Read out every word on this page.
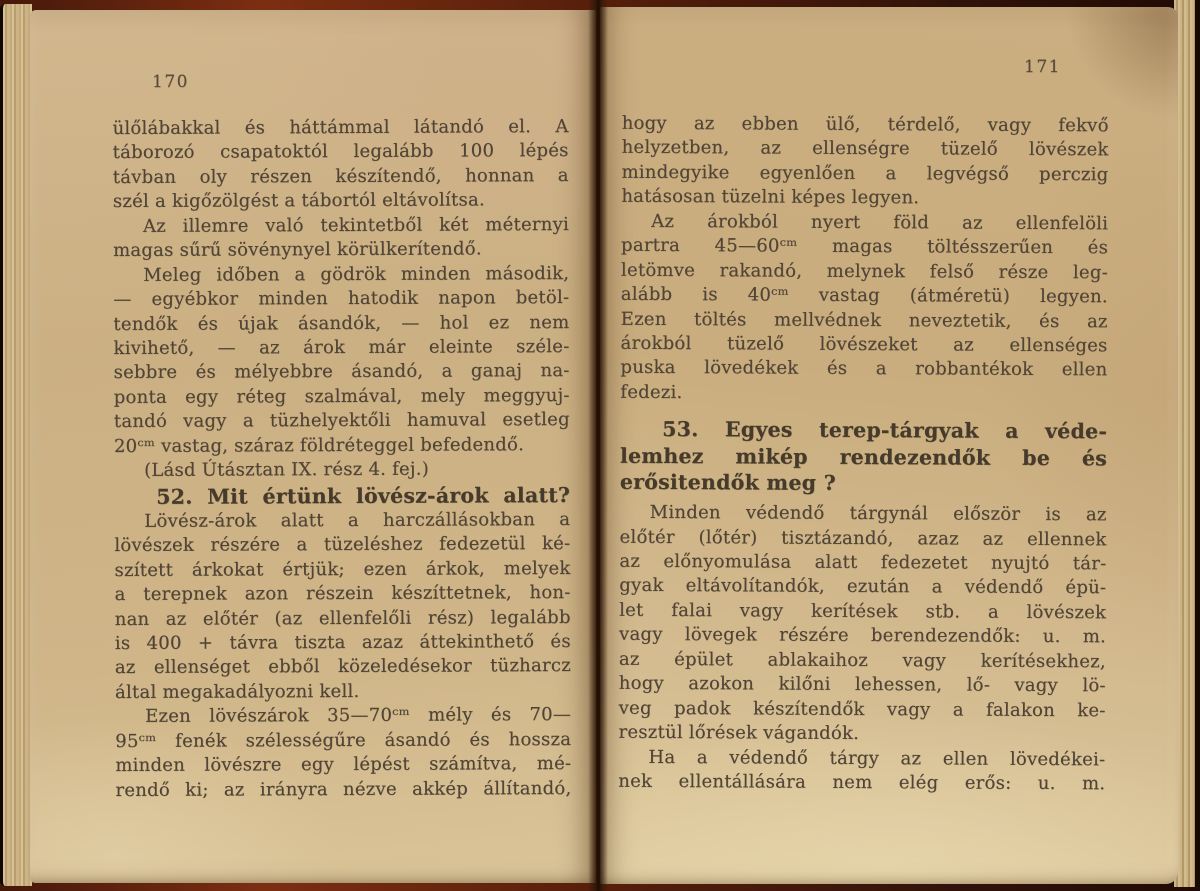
170
ülőlábakkal és háttámmal látandó el. A
táborozó csapatoktól legalább 100 lépés
távban oly részen készítendő, honnan a
szél a kigőzölgést a tábortól eltávolítsa.
Az illemre való tekintetből két méternyi
magas sűrű sövénynyel körülkerítendő.
Meleg időben a gödrök minden második,
— egyébkor minden hatodik napon betöl-
tendők és újak ásandók, — hol ez nem
kivihető, — az árok már eleinte széle-
sebbre és mélyebbre ásandó, a ganaj na-
ponta egy réteg szalmával, mely meggyuj-
tandó vagy a tüzhelyektőli hamuval esetleg
20ᶜᵐ vastag, száraz földréteggel befedendő.
(Lásd Útásztan IX. rész 4. fej.)
52. Mit értünk lövész-árok alatt?
Lövész-árok alatt a harczállásokban a
lövészek részére a tüzeléshez fedezetül ké-
szített árkokat értjük; ezen árkok, melyek
a terepnek azon részein készíttetnek, hon-
nan az előtér (az ellenfelőli rész) legalább
is 400 + távra tiszta azaz áttekinthető és
az ellenséget ebből közeledésekor tüzharcz
által megakadályozni kell.
Ezen lövészárok 35—70ᶜᵐ mély és 70—
95ᶜᵐ fenék szélességűre ásandó és hossza
minden lövészre egy lépést számítva, mé-
rendő ki; az irányra nézve akkép állítandó,
171
hogy az ebben ülő, térdelő, vagy fekvő
helyzetben, az ellenségre tüzelő lövészek
mindegyike egyenlően a legvégső perczig
hatásosan tüzelni képes legyen.
Az árokból nyert föld az ellenfelöli
partra 45—60ᶜᵐ magas töltésszerűen és
letömve rakandó, melynek felső része leg-
alább is 40ᶜᵐ vastag (átméretü) legyen.
Ezen töltés mellvédnek neveztetik, és az
árokból tüzelő lövészeket az ellenséges
puska lövedékek és a robbantékok ellen
fedezi.
53. Egyes terep-tárgyak a véde-
lemhez mikép rendezendők be és
erősitendők meg ?
Minden védendő tárgynál először is az
előtér (lőtér) tisztázandó, azaz az ellennek
az előnyomulása alatt fedezetet nyujtó tár-
gyak eltávolítandók, ezután a védendő épü-
let falai vagy kerítések stb. a lövészek
vagy lövegek részére berendezendők: u. m.
az épület ablakaihoz vagy kerítésekhez,
hogy azokon kilőni lehessen, lő- vagy lö-
veg padok készítendők vagy a falakon ke-
resztül lőrések vágandók.
Ha a védendő tárgy az ellen lövedékei-
nek ellentállására nem elég erős: u. m.
